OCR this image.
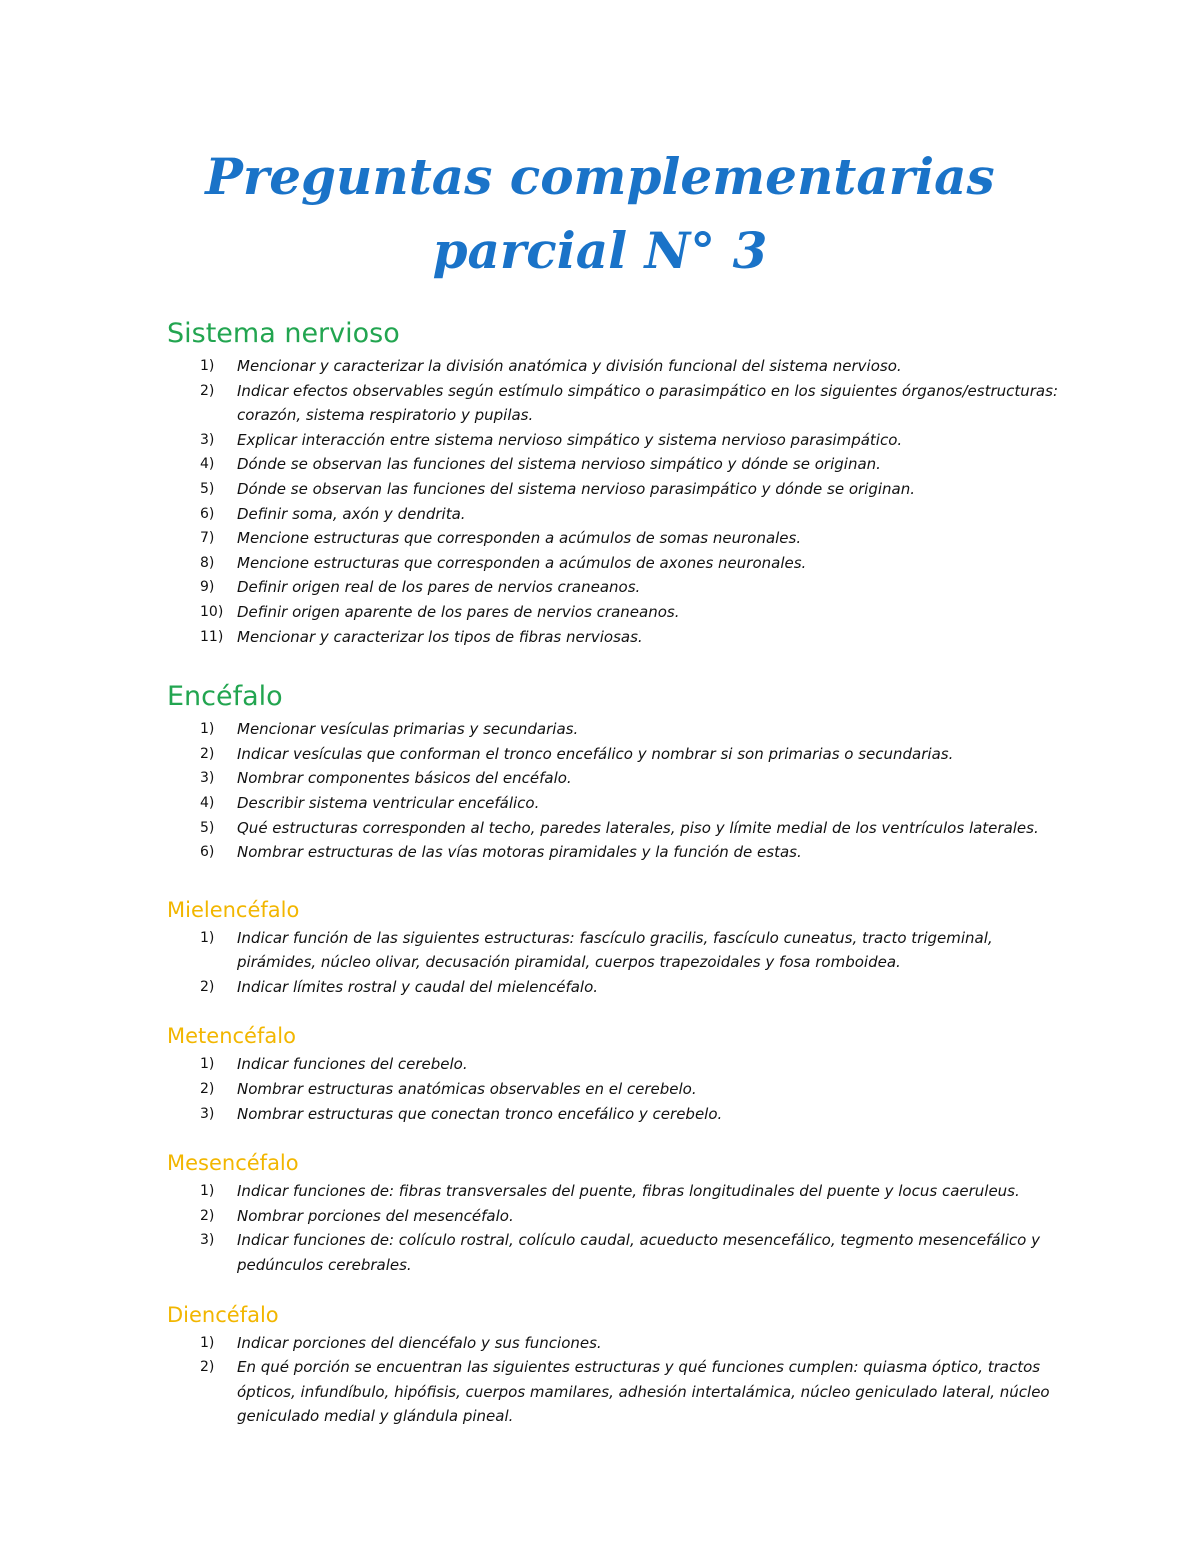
Preguntas complementarias
parcial N° 3
Sistema nervioso
1) Mencionar y caracterizar la división anatómica y división funcional del sistema nervioso.
2) Indicar efectos observables según estímulo simpático o parasimpático en los siguientes órganos/estructuras: corazón, sistema respiratorio y pupilas.
3) Explicar interacción entre sistema nervioso simpático y sistema nervioso parasimpático.
4) Dónde se observan las funciones del sistema nervioso simpático y dónde se originan.
5) Dónde se observan las funciones del sistema nervioso parasimpático y dónde se originan.
6) Definir soma, axón y dendrita.
7) Mencione estructuras que corresponden a acúmulos de somas neuronales.
8) Mencione estructuras que corresponden a acúmulos de axones neuronales.
9) Definir origen real de los pares de nervios craneanos.
10) Definir origen aparente de los pares de nervios craneanos.
11) Mencionar y caracterizar los tipos de fibras nerviosas.
Encéfalo
1) Mencionar vesículas primarias y secundarias.
2) Indicar vesículas que conforman el tronco encefálico y nombrar si son primarias o secundarias.
3) Nombrar componentes básicos del encéfalo.
4) Describir sistema ventricular encefálico.
5) Qué estructuras corresponden al techo, paredes laterales, piso y límite medial de los ventrículos laterales.
6) Nombrar estructuras de las vías motoras piramidales y la función de estas.
Mielencéfalo
1) Indicar función de las siguientes estructuras: fascículo gracilis, fascículo cuneatus, tracto trigeminal, pirámides, núcleo olivar, decusación piramidal, cuerpos trapezoidales y fosa romboidea.
2) Indicar límites rostral y caudal del mielencéfalo.
Metencéfalo
1) Indicar funciones del cerebelo.
2) Nombrar estructuras anatómicas observables en el cerebelo.
3) Nombrar estructuras que conectan tronco encefálico y cerebelo.
Mesencéfalo
1) Indicar funciones de: fibras transversales del puente, fibras longitudinales del puente y locus caeruleus.
2) Nombrar porciones del mesencéfalo.
3) Indicar funciones de: colículo rostral, colículo caudal, acueducto mesencefálico, tegmento mesencefálico y pedúnculos cerebrales.
Diencéfalo
1) Indicar porciones del diencéfalo y sus funciones.
2) En qué porción se encuentran las siguientes estructuras y qué funciones cumplen: quiasma óptico, tractos ópticos, infundíbulo, hipófisis, cuerpos mamilares, adhesión intertalámica, núcleo geniculado lateral, núcleo geniculado medial y glándula pineal.
